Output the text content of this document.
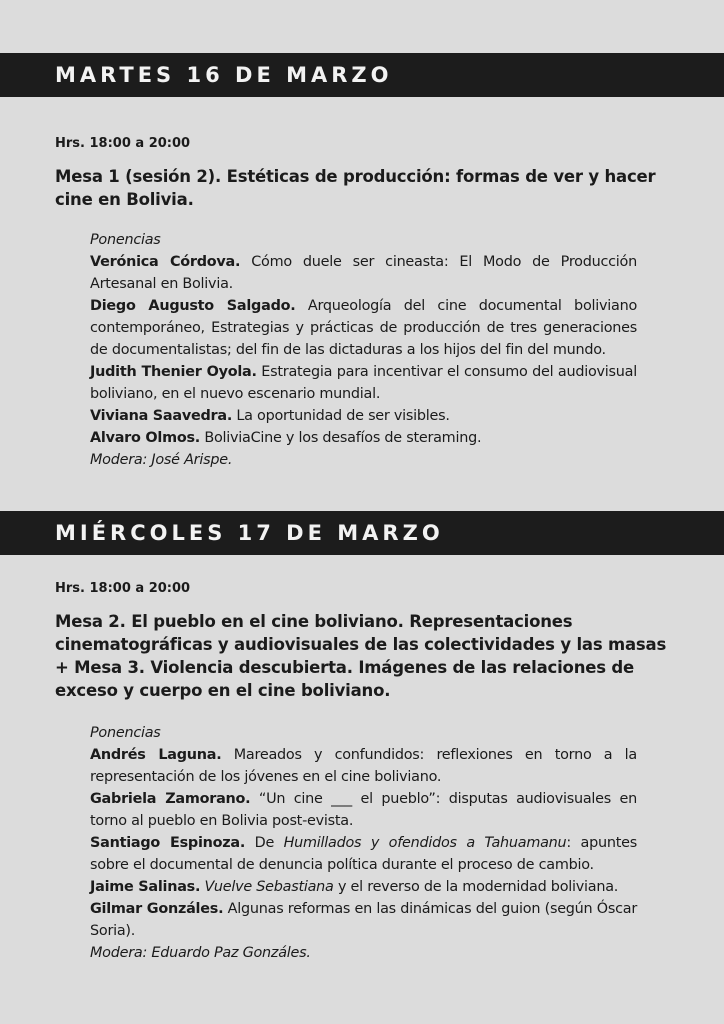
MARTES 16 DE MARZO

Hrs. 18:00 a 20:00

Mesa 1 (sesión 2). Estéticas de producción: formas de ver y hacer cine en Bolivia.

Ponencias

Verónica Córdova. Cómo duele ser cineasta: El Modo de Producción Artesanal en Bolivia.

Diego Augusto Salgado. Arqueología del cine documental boliviano contemporáneo, Estrategias y prácticas de producción de tres generaciones de documentalistas; del fin de las dictaduras a los hijos del fin del mundo.

Judith Thenier Oyola. Estrategia para incentivar el consumo del audiovisual boliviano, en el nuevo escenario mundial.

Viviana Saavedra. La oportunidad de ser visibles.

Alvaro Olmos. BoliviaCine y los desafíos de steraming.

Modera: José Arispe.

MIÉRCOLES 17 DE MARZO

Hrs. 18:00 a 20:00

Mesa 2. El pueblo en el cine boliviano. Representaciones cinematográficas y audiovisuales de las colectividades y las masas + Mesa 3. Violencia descubierta. Imágenes de las relaciones de exceso y cuerpo en el cine boliviano.

Ponencias

Andrés Laguna. Mareados y confundidos: reflexiones en torno a la representación de los jóvenes en el cine boliviano.

Gabriela Zamorano. “Un cine ___ el pueblo”: disputas audiovisuales en torno al pueblo en Bolivia post-evista.

Santiago Espinoza. De Humillados y ofendidos a Tahuamanu: apuntes sobre el documental de denuncia política durante el proceso de cambio.

Jaime Salinas. Vuelve Sebastiana y el reverso de la modernidad boliviana.

Gilmar Gonzáles. Algunas reformas en las dinámicas del guion (según Óscar Soria).

Modera: Eduardo Paz Gonzáles.
